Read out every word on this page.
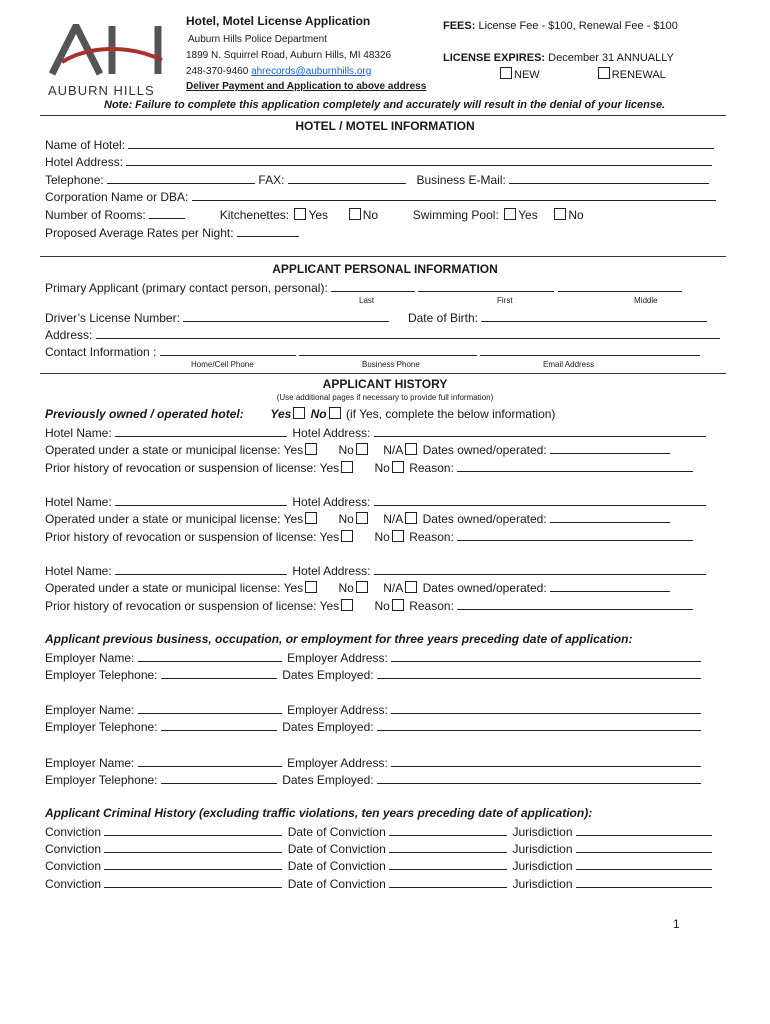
AUBURN HILLS
Hotel, Motel License Application
Auburn Hills Police Department
1899 N. Squirrel Road, Auburn Hills, MI 48326
248-370-9460 ahrecords@auburnhills.org
Deliver Payment and Application to above address
FEES: License Fee - $100, Renewal Fee - $100
LICENSE EXPIRES: December 31 ANNUALLY
NEW	RENEWAL
Note: Failure to complete this application completely and accurately will result in the denial of your license.
HOTEL / MOTEL INFORMATION
Name of Hotel:
Hotel Address:
Telephone:	FAX:	Business E-Mail:
Corporation Name or DBA:
Number of Rooms:	Kitchenettes: Yes	No	Swimming Pool: Yes	No
Proposed Average Rates per Night:
APPLICANT PERSONAL INFORMATION
Primary Applicant (primary contact person, personal):
Last	First	Middle
Driver’s License Number:	Date of Birth:
Address:
Contact Information :
Home/Cell Phone	Business Phone	Email Address
APPLICANT HISTORY
(Use additional pages if necessary to provide full information)
Previously owned / operated hotel: Yes No (if Yes, complete the below information)
Hotel Name:	Hotel Address:
Operated under a state or municipal license: Yes	No N/A Dates owned/operated:
Prior history of revocation or suspension of license: Yes	No Reason:
Hotel Name:	Hotel Address:
Operated under a state or municipal license: Yes	No N/A Dates owned/operated:
Prior history of revocation or suspension of license: Yes	No Reason:
Hotel Name:	Hotel Address:
Operated under a state or municipal license: Yes	No N/A Dates owned/operated:
Prior history of revocation or suspension of license: Yes	No Reason:
Applicant previous business, occupation, or employment for three years preceding date of application:
Employer Name:	Employer Address:
Employer Telephone:	Dates Employed:
Employer Name:	Employer Address:
Employer Telephone:	Dates Employed:
Employer Name:	Employer Address:
Employer Telephone:	Dates Employed:
Applicant Criminal History (excluding traffic violations, ten years preceding date of application):
Conviction	Date of Conviction	Jurisdiction
Conviction	Date of Conviction	Jurisdiction
Conviction	Date of Conviction	Jurisdiction
Conviction	Date of Conviction	Jurisdiction
1
